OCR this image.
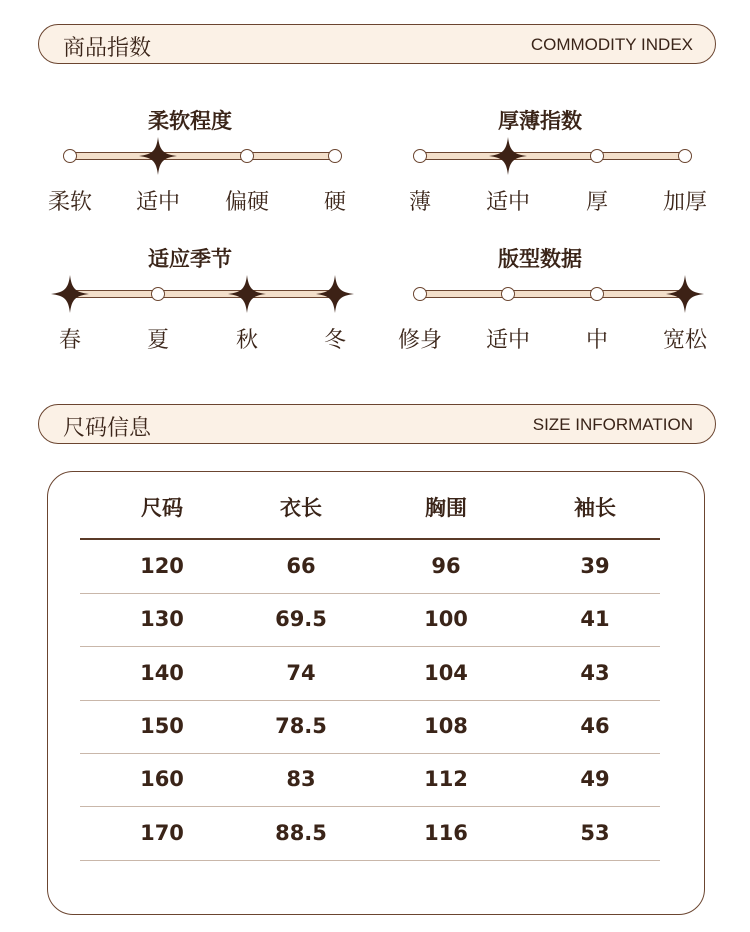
商品指数	COMMODITY INDEX
柔软程度
柔软	适中	偏硬	硬
厚薄指数
薄	适中	厚	加厚
适应季节
春	夏	秋	冬
版型数据
修身	适中	中	宽松
尺码信息	SIZE INFORMATION
尺码	衣长	胸围	袖长
120	66	96	39
130	69.5	100	41
140	74	104	43
150	78.5	108	46
160	83	112	49
170	88.5	116	53
